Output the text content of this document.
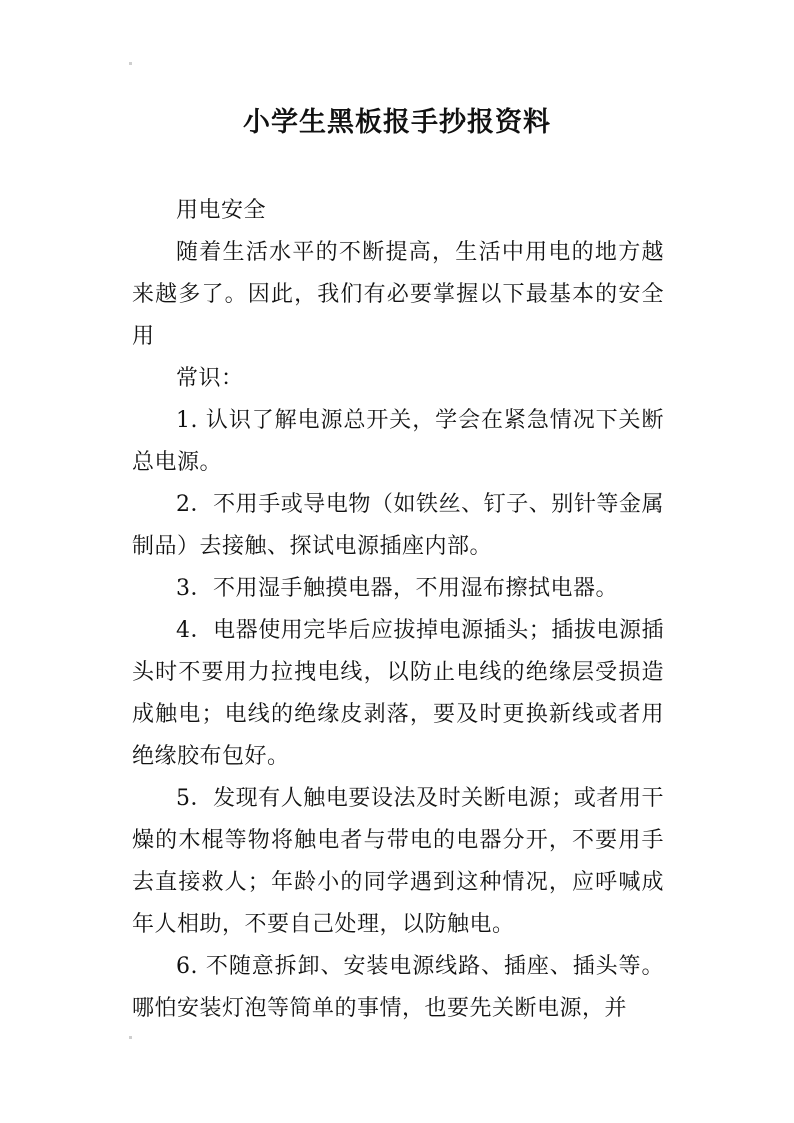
小学生黑板报手抄报资料

用电安全

随着生活水平的不断提高，生活中用电的地方越来越多了。因此，我们有必要掌握以下最基本的安全用

常识：

1. 认识了解电源总开关，学会在紧急情况下关断总电源。

2．不用手或导电物（如铁丝、钉子、别针等金属制品）去接触、探试电源插座内部。

3．不用湿手触摸电器，不用湿布擦拭电器。

4．电器使用完毕后应拔掉电源插头；插拔电源插头时不要用力拉拽电线，以防止电线的绝缘层受损造成触电；电线的绝缘皮剥落，要及时更换新线或者用绝缘胶布包好。

5．发现有人触电要设法及时关断电源；或者用干燥的木棍等物将触电者与带电的电器分开，不要用手去直接救人；年龄小的同学遇到这种情况，应呼喊成年人相助，不要自己处理，以防触电。

6. 不随意拆卸、安装电源线路、插座、插头等。哪怕安装灯泡等简单的事情，也要先关断电源，并
